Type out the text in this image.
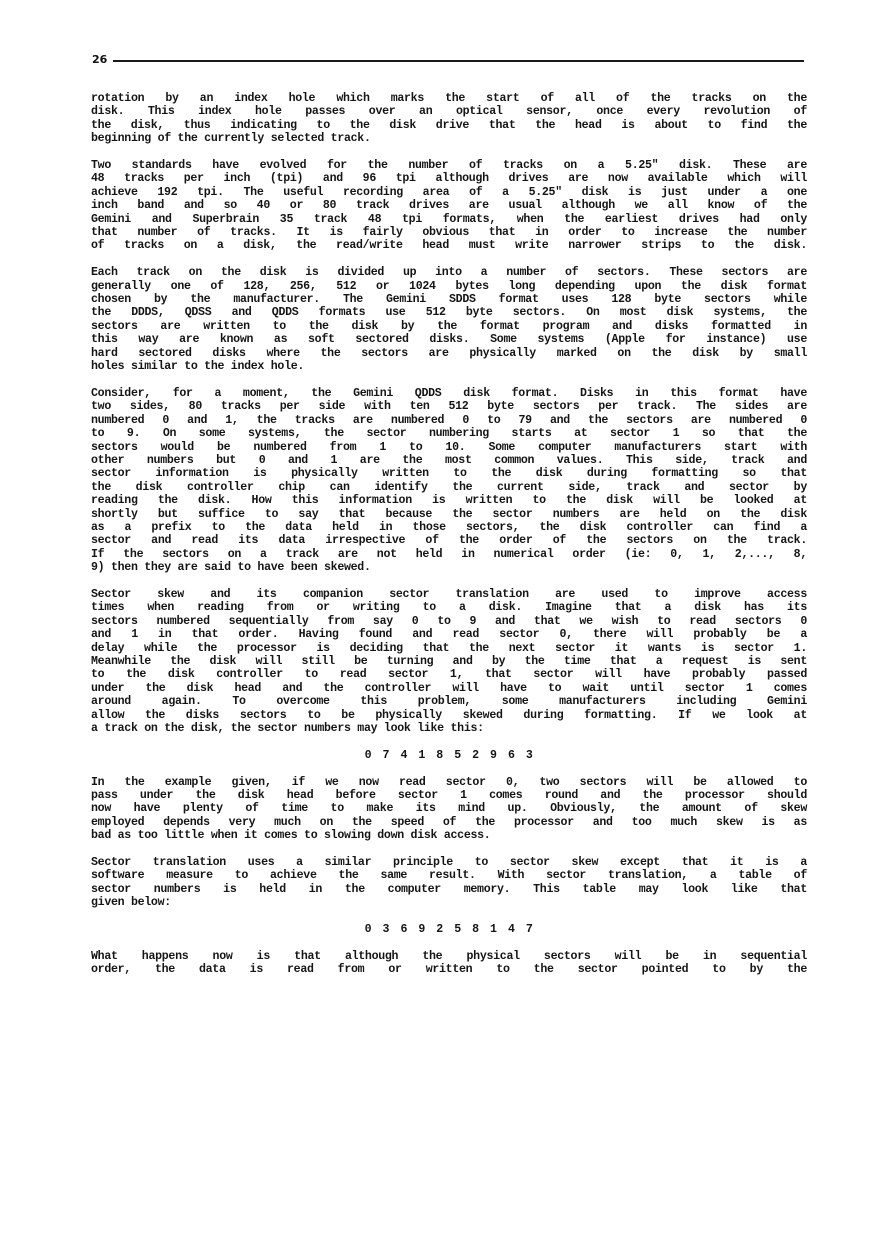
26
rotation by an index hole which marks the start of all of the tracks on the
disk. This index hole passes over an optical sensor, once every revolution of
the disk, thus indicating to the disk drive that the head is about to find the
beginning of the currently selected track.
Two standards have evolved for the number of tracks on a 5.25" disk. These are
48 tracks per inch (tpi) and 96 tpi although drives are now available which will
achieve 192 tpi. The useful recording area of a 5.25" disk is just under a one
inch band and so 40 or 80 track drives are usual although we all know of the
Gemini and Superbrain 35 track 48 tpi formats, when the earliest drives had only
that number of tracks. It is fairly obvious that in order to increase the number
of tracks on a disk, the read/write head must write narrower strips to the disk.
Each track on the disk is divided up into a number of sectors. These sectors are
generally one of 128, 256, 512 or 1024 bytes long depending upon the disk format
chosen by the manufacturer. The Gemini SDDS format uses 128 byte sectors while
the DDDS, QDSS and QDDS formats use 512 byte sectors. On most disk systems, the
sectors are written to the disk by the format program and disks formatted in
this way are known as soft sectored disks. Some systems (Apple for instance) use
hard sectored disks where the sectors are physically marked on the disk by small
holes similar to the index hole.
Consider, for a moment, the Gemini QDDS disk format. Disks in this format have
two sides, 80 tracks per side with ten 512 byte sectors per track. The sides are
numbered 0 and 1, the tracks are numbered 0 to 79 and the sectors are numbered 0
to 9. On some systems, the sector numbering starts at sector 1 so that the
sectors would be numbered from 1 to 10. Some computer manufacturers start with
other numbers but 0 and 1 are the most common values. This side, track and
sector information is physically written to the disk during formatting so that
the disk controller chip can identify the current side, track and sector by
reading the disk. How this information is written to the disk will be looked at
shortly but suffice to say that because the sector numbers are held on the disk
as a prefix to the data held in those sectors, the disk controller can find a
sector and read its data irrespective of the order of the sectors on the track.
If the sectors on a track are not held in numerical order (ie: 0, 1, 2,..., 8,
9) then they are said to have been skewed.
Sector skew and its companion sector translation are used to improve access
times when reading from or writing to a disk. Imagine that a disk has its
sectors numbered sequentially from say 0 to 9 and that we wish to read sectors 0
and 1 in that order. Having found and read sector 0, there will probably be a
delay while the processor is deciding that the next sector it wants is sector 1.
Meanwhile the disk will still be turning and by the time that a request is sent
to the disk controller to read sector 1, that sector will have probably passed
under the disk head and the controller will have to wait until sector 1 comes
around again. To overcome this problem, some manufacturers including Gemini
allow the disks sectors to be physically skewed during formatting. If we look at
a track on the disk, the sector numbers may look like this:
0 7 4 1 8 5 2 9 6 3
In the example given, if we now read sector 0, two sectors will be allowed to
pass under the disk head before sector 1 comes round and the processor should
now have plenty of time to make its mind up. Obviously, the amount of skew
employed depends very much on the speed of the processor and too much skew is as
bad as too little when it comes to slowing down disk access.
Sector translation uses a similar principle to sector skew except that it is a
software measure to achieve the same result. With sector translation, a table of
sector numbers is held in the computer memory. This table may look like that
given below:
0 3 6 9 2 5 8 1 4 7
What happens now is that although the physical sectors will be in sequential
order, the data is read from or written to the sector pointed to by the
